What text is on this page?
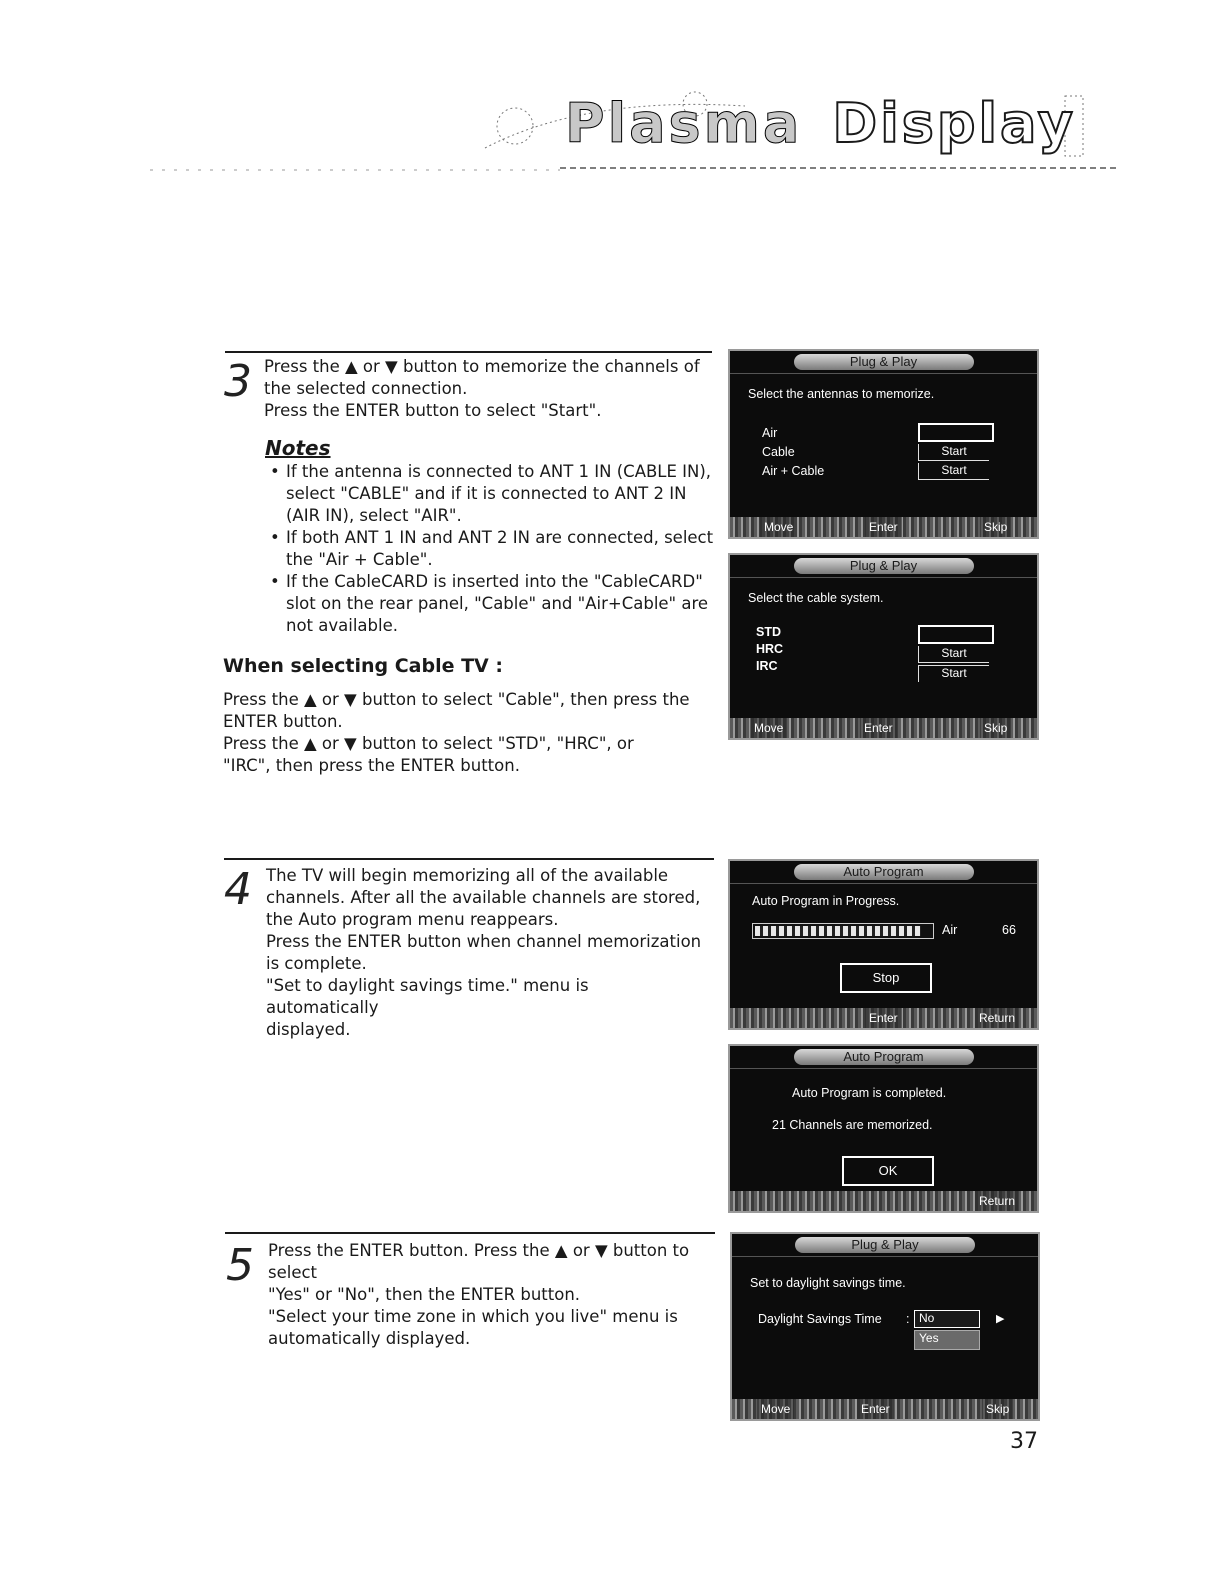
Plasma Display
3 Press the ▲ or ▼ button to memorize the channels of

the selected connection.

Press the ENTER button to select "Start".

Notes
• If the antenna is connected to ANT 1 IN (CABLE IN), select "CABLE" and if it is connected to ANT 2 IN (AIR IN), select "AIR".
• If both ANT 1 IN and ANT 2 IN are connected, select the "Air + Cable".
• If the CableCARD is inserted into the "CableCARD" slot on the rear panel, "Cable" and "Air+Cable" are not available.
When selecting Cable TV :

Press the ▲ or ▼ button to select "Cable", then press the

ENTER button.

Press the ▲ or ▼ button to select "STD", "HRC", or

"IRC", then press the ENTER button.

Plug & Play
Select the antennas to memorize.
Air
Cable
Air + Cable
Start
Start
Move	Enter	Skip
Plug & Play
Select the cable system.
STD
HRC
IRC
Start
Start
Move	Enter	Skip
4 The TV will begin memorizing all of the available

channels. After all the available channels are stored,

the Auto program menu reappears.

Press the ENTER button when channel memorization

is complete.

"Set to daylight savings time." menu is automatically

displayed.

Auto Program
Auto Program in Progress.
Air	66
Stop
Enter	Return
Auto Program
Auto Program is completed.
21 Channels are memorized.
OK
Return
5 Press the ENTER button. Press the ▲ or ▼ button to select

"Yes" or "No", then the ENTER button.

"Select your time zone in which you live" menu is

automatically displayed.

Plug & Play
Set to daylight savings time.
Daylight Savings Time : No
Yes
▶
Move	Enter	Skip
37
